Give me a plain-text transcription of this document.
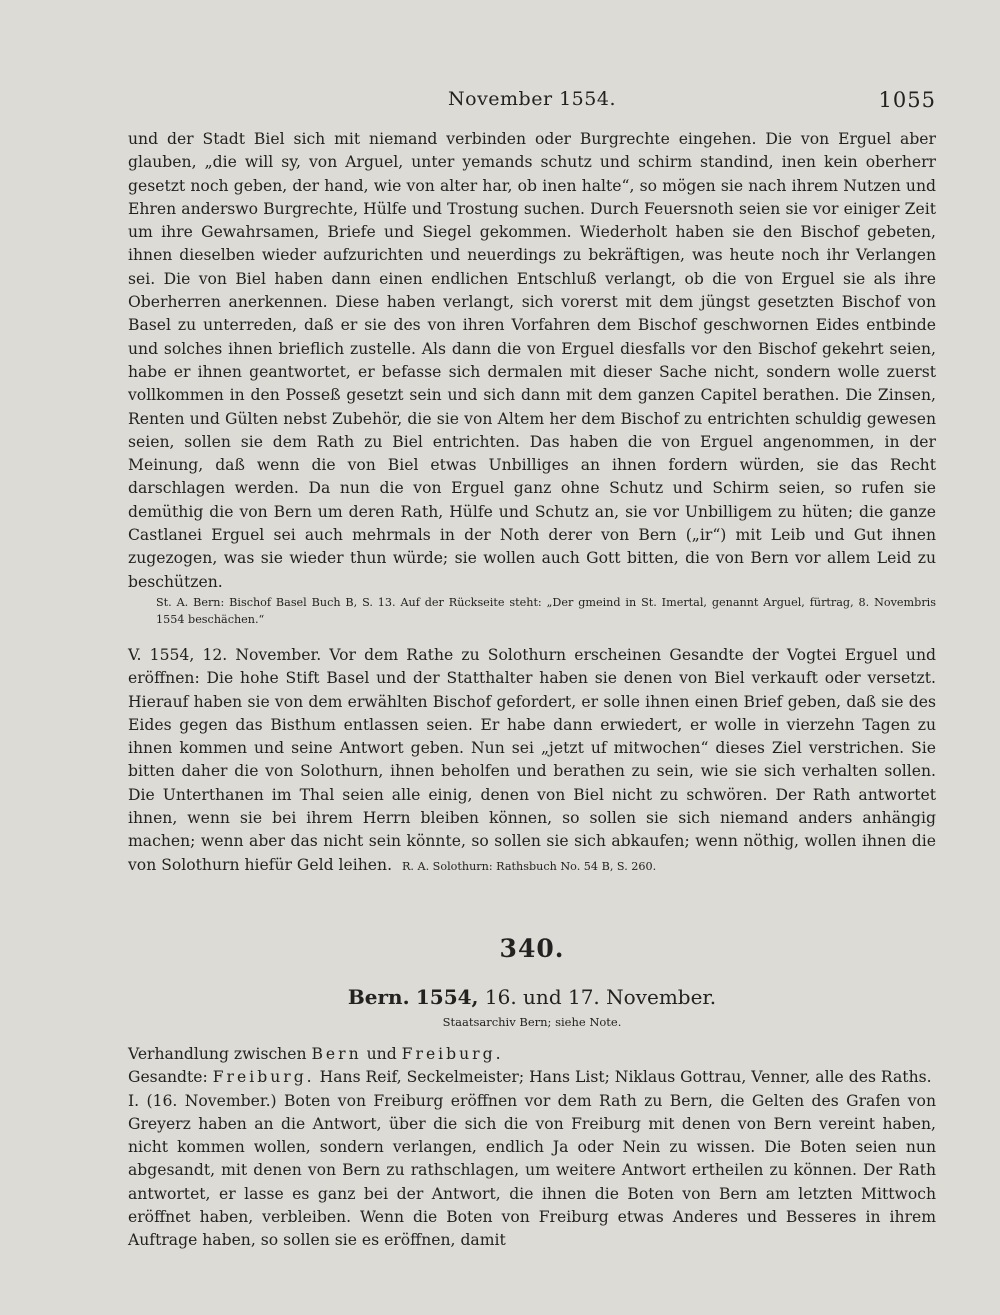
November 1554.	1055

und der Stadt Biel sich mit niemand verbinden oder Burgrechte eingehen. Die von Erguel aber glauben, „die will sy, von Arguel, unter yemands schutz und schirm standind, inen kein oberherr gesetzt noch geben, der hand, wie von alter har, ob inen halte“, so mögen sie nach ihrem Nutzen und Ehren anderswo Burgrechte, Hülfe und Trostung suchen. Durch Feuersnoth seien sie vor einiger Zeit um ihre Gewahrsamen, Briefe und Siegel gekommen. Wiederholt haben sie den Bischof gebeten, ihnen dieselben wieder aufzurichten und neuerdings zu bekräftigen, was heute noch ihr Verlangen sei. Die von Biel haben dann einen endlichen Entschluß verlangt, ob die von Erguel sie als ihre Oberherren anerkennen. Diese haben verlangt, sich vorerst mit dem jüngst gesetzten Bischof von Basel zu unterreden, daß er sie des von ihren Vorfahren dem Bischof geschwornen Eides entbinde und solches ihnen brieflich zustelle. Als dann die von Erguel diesfalls vor den Bischof gekehrt seien, habe er ihnen geantwortet, er befasse sich dermalen mit dieser Sache nicht, sondern wolle zuerst vollkommen in den Posseß gesetzt sein und sich dann mit dem ganzen Capitel berathen. Die Zinsen, Renten und Gülten nebst Zubehör, die sie von Altem her dem Bischof zu entrichten schuldig gewesen seien, sollen sie dem Rath zu Biel entrichten. Das haben die von Erguel angenommen, in der Meinung, daß wenn die von Biel etwas Unbilliges an ihnen fordern würden, sie das Recht darschlagen werden. Da nun die von Erguel ganz ohne Schutz und Schirm seien, so rufen sie demüthig die von Bern um deren Rath, Hülfe und Schutz an, sie vor Unbilligem zu hüten; die ganze Castlanei Erguel sei auch mehrmals in der Noth derer von Bern („ir“) mit Leib und Gut ihnen zugezogen, was sie wieder thun würde; sie wollen auch Gott bitten, die von Bern vor allem Leid zu beschützen.

St. A. Bern: Bischof Basel Buch B, S. 13. Auf der Rückseite steht: „Der gmeind in St. Imertal, genannt Arguel, fürtrag, 8. Novembris 1554 beschächen.“

V. 1554, 12. November. Vor dem Rathe zu Solothurn erscheinen Gesandte der Vogtei Erguel und eröffnen: Die hohe Stift Basel und der Statthalter haben sie denen von Biel verkauft oder versetzt. Hierauf haben sie von dem erwählten Bischof gefordert, er solle ihnen einen Brief geben, daß sie des Eides gegen das Bisthum entlassen seien. Er habe dann erwiedert, er wolle in vierzehn Tagen zu ihnen kommen und seine Antwort geben. Nun sei „jetzt uf mitwochen“ dieses Ziel verstrichen. Sie bitten daher die von Solothurn, ihnen beholfen und berathen zu sein, wie sie sich verhalten sollen. Die Unterthanen im Thal seien alle einig, denen von Biel nicht zu schwören. Der Rath antwortet ihnen, wenn sie bei ihrem Herrn bleiben können, so sollen sie sich niemand anders anhängig machen; wenn aber das nicht sein könnte, so sollen sie sich abkaufen; wenn nöthig, wollen ihnen die von Solothurn hiefür Geld leihen. R. A. Solothurn: Rathsbuch No. 54 B, S. 260.

340.
Bern. 1554, 16. und 17. November.
Staatsarchiv Bern; siehe Note.

Verhandlung zwischen Bern und Freiburg.

Gesandte: Freiburg. Hans Reif, Seckelmeister; Hans List; Niklaus Gottrau, Venner, alle des Raths.

I. (16. November.) Boten von Freiburg eröffnen vor dem Rath zu Bern, die Gelten des Grafen von Greyerz haben an die Antwort, über die sich die von Freiburg mit denen von Bern vereint haben, nicht kommen wollen, sondern verlangen, endlich Ja oder Nein zu wissen. Die Boten seien nun abgesandt, mit denen von Bern zu rathschlagen, um weitere Antwort ertheilen zu können. Der Rath antwortet, er lasse es ganz bei der Antwort, die ihnen die Boten von Bern am letzten Mittwoch eröffnet haben, verbleiben. Wenn die Boten von Freiburg etwas Anderes und Besseres in ihrem Auftrage haben, so sollen sie es eröffnen, damit
